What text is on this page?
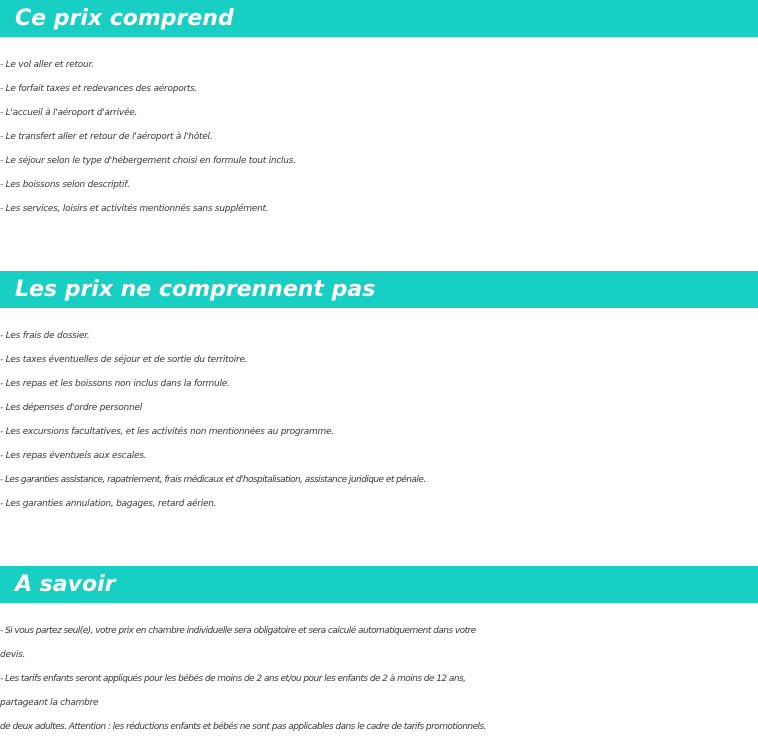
Ce prix comprend
- Le vol aller et retour.
- Le forfait taxes et redevances des aéroports.
- L'accueil à l'aéroport d'arrivée.
- Le transfert aller et retour de l'aéroport à l'hôtel.
- Le séjour selon le type d'hébergement choisi en formule tout inclus.
- Les boissons selon descriptif.
- Les services, loisirs et activités mentionnés sans supplément.
Les prix ne comprennent pas
- Les frais de dossier.
- Les taxes éventuelles de séjour et de sortie du territoire.
- Les repas et les boissons non inclus dans la formule.
- Les dépenses d'ordre personnel
- Les excursions facultatives, et les activités non mentionnées au programme.
- Les repas éventuels aux escales.
- Les garanties assistance, rapatriement, frais médicaux et d'hospitalisation, assistance juridique et pénale.
- Les garanties annulation, bagages, retard aérien.
A savoir
- Si vous partez seul(e), votre prix en chambre individuelle sera obligatoire et sera calculé automatiquement dans votre
devis.
- Les tarifs enfants seront appliqués pour les bébés de moins de 2 ans et/ou pour les enfants de 2 à moins de 12 ans,
partageant la chambre
de deux adultes. Attention : les réductions enfants et bébés ne sont pas applicables dans le cadre de tarifs promotionnels.
